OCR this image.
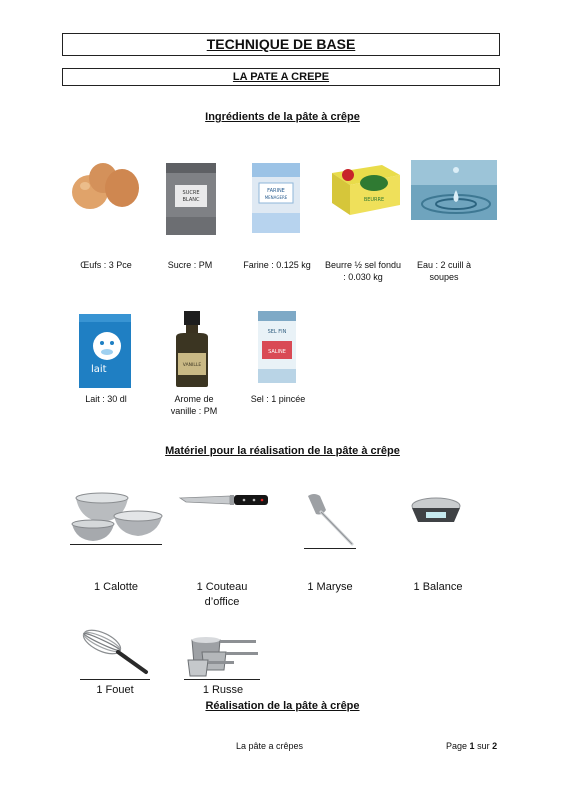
TECHNIQUE DE BASE
LA PATE A CREPE
Ingrédients de la pâte à crêpe
SUCRE
BLANC
FARINE
MENAGERE	BEURRE
Œufs : 3 Pce	Sucre : PM	Farine : 0.125 kg	Beurre ½ sel fondu : 0.030 kg
Eau : 2 cuill à soupes
lait	VANILLE
SEL FIN
SALINE
Lait : 30 dl	Arome de vanille : PM
Sel : 1 pincée
Matériel pour la réalisation de la pâte à crêpe
1 Calotte	1 Couteau d’office
1 Maryse	1 Balance
1 Fouet	1 Russe
Réalisation de la pâte à crêpe
La pâte a crêpes	Page 1 sur 2
